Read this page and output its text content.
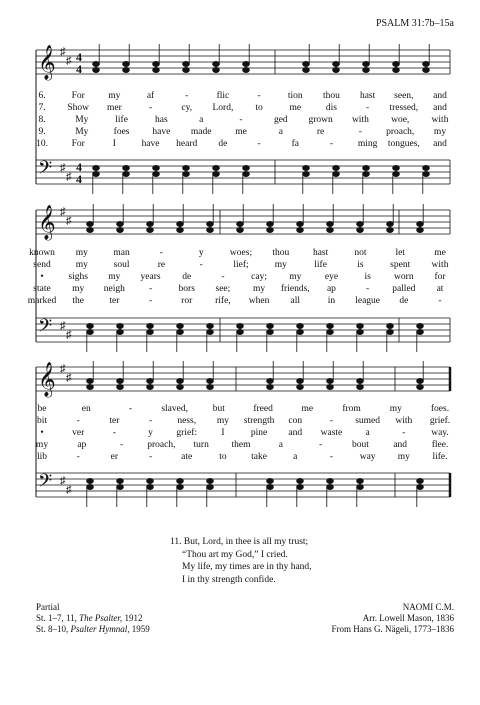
PSALM 31:7b–15a
𝄞 ♯
♯ 4
4
𝄢 ♯
♯
4
4
𝄞 ♯
♯
𝄢 ♯
♯
𝄞 ♯
♯
𝄢 ♯
♯
6.	For my	af	-	flic	-	tion thou hast seen, and
7. Show mer	-	cy, Lord, to	me	dis	- tressed, and
8.	My	life	has	a	-	ged grown with woe, with
9.	My	foes have made me	a	re	-	proach, my
10. For	I	have heard de	-	fa	-	ming tongues, and
known my	man	-	y	woes; thou hast	not	let	me
send	my	soul	re	-	lief;	my	life	is	spent with
•	sighs my years de	-	cay; my eye	is worn for
state my neigh	-	bors see; my friends, ap	- palled at
marked the	ter	-	ror rife, when all	in league de	-
be	en	-	slaved,	but	freed	me	from	my	foes.
bit	-	ter	-	ness, my strength con	- sumed with grief.
•	ver	-	y grief:	I	pine and waste a	-	way.
my	ap	-	proach, turn them	a	-	bout	and	flee.
lib	-	er	-	ate	to	take	a	-	way my life.
11. But, Lord, in thee is all my trust;
“Thou art my God,” I cried.
My life, my times are in thy hand,
I in thy strength confide.
Partial
St. 1–7, 11, The Psalter, 1912
St. 8–10, Psalter Hymnal, 1959
NAOMI C.M.
Arr. Lowell Mason, 1836
From Hans G. Nägeli, 1773–1836
